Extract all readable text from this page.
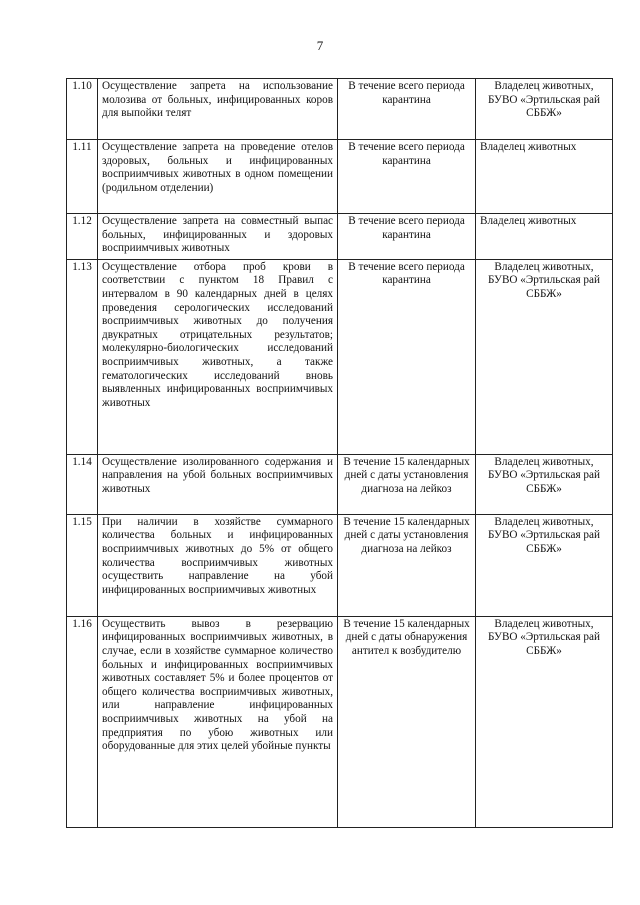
7
1.10	Осуществление запрета на использование молозива от больных, инфицированных коров для выпойки телят	В течение всего периода карантина	Владелец животных, БУВО «Эртильская рай СББЖ»
1.11	Осуществление запрета на проведение отелов здоровых, больных и инфицированных восприимчивых животных в одном помещении (родильном отделении)	В течение всего периода карантина	Владелец животных
1.12	Осуществление запрета на совместный выпас больных, инфицированных и здоровых восприимчивых животных	В течение всего периода карантина	Владелец животных
1.13	Осуществление отбора проб крови в соответствии с пунктом 18 Правил с интервалом в 90 календарных дней в целях проведения серологических исследований восприимчивых животных до получения двукратных отрицательных результатов; молекулярно-биологических исследований восприимчивых животных, а также гематологических исследований вновь выявленных инфицированных восприимчивых животных	В течение всего периода карантина	Владелец животных, БУВО «Эртильская рай СББЖ»
1.14	Осуществление изолированного содержания и направления на убой больных восприимчивых животных	В течение 15 календарных дней с даты установления диагноза на лейкоз	Владелец животных, БУВО «Эртильская рай СББЖ»
1.15	При наличии в хозяйстве суммарного количества больных и инфицированных восприимчивых животных до 5% от общего количества восприимчивых животных осуществить направление на убой инфицированных восприимчивых животных	В течение 15 календарных дней с даты установления диагноза на лейкоз	Владелец животных, БУВО «Эртильская рай СББЖ»
1.16	Осуществить вывоз в резервацию инфицированных восприимчивых животных, в случае, если в хозяйстве суммарное количество больных и инфицированных восприимчивых животных составляет 5% и более процентов от общего количества восприимчивых животных, или направление инфицированных восприимчивых животных на убой на предприятия по убою животных или оборудованные для этих целей убойные пункты	В течение 15 календарных дней с даты обнаружения антител к возбудителю	Владелец животных, БУВО «Эртильская рай СББЖ»
